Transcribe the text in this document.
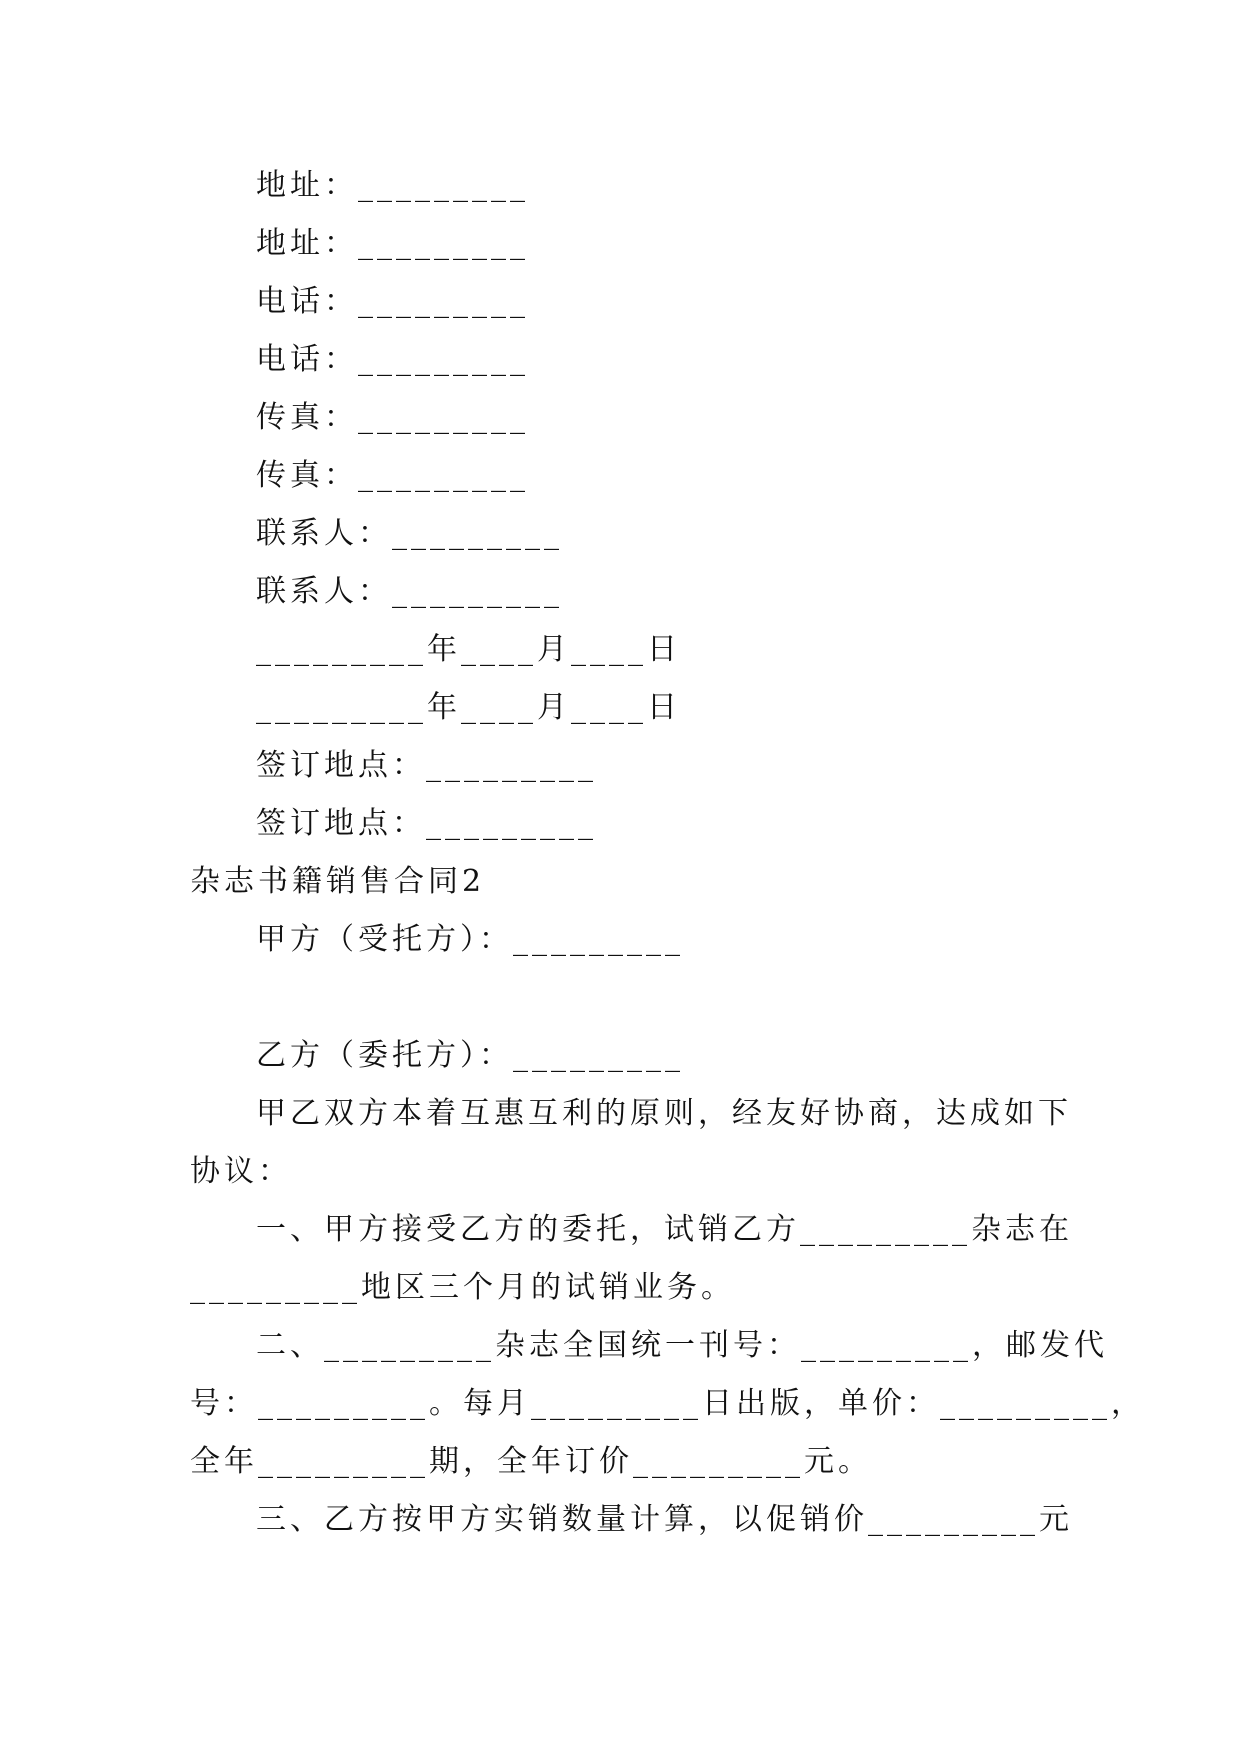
地址：_________
地址：_________
电话：_________
电话：_________
传真：_________
传真：_________
联系人：_________
联系人：_________
_________年____月____日
_________年____月____日
签订地点：_________
签订地点：_________
杂志书籍销售合同2
甲方（受托方）：_________
乙方（委托方）：_________
甲乙双方本着互惠互利的原则，经友好协商，达成如下
协议：
一、甲方接受乙方的委托，试销乙方_________杂志在
_________地区三个月的试销业务。
二、_________杂志全国统一刊号：_________，邮发代
号：_________。每月_________日出版，单价：_________，
全年_________期，全年订价_________元。
三、乙方按甲方实销数量计算，以促销价_________元
